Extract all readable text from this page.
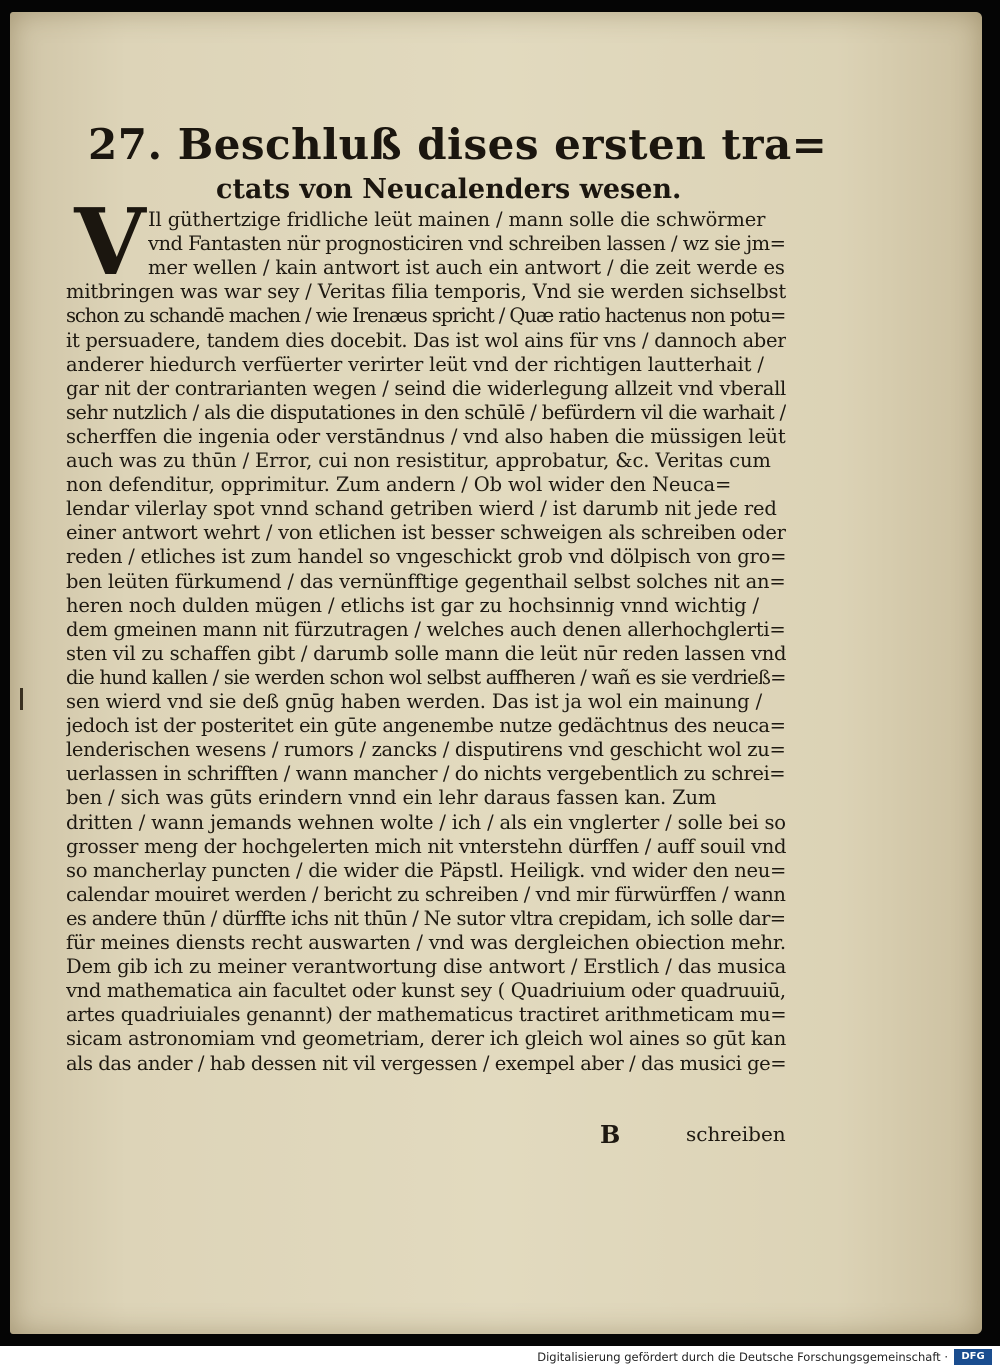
27. Beschluß dises ersten tra=
ctats von Neucalenders wesen.
V Il güthertzige fridliche leüt mainen / mann solle die schwörmer
vnd Fantasten nür prognosticiren vnd schreiben lassen / wz sie jm=
mer wellen / kain antwort ist auch ein antwort / die zeit werde es
mitbringen was war sey / Veritas filia temporis, Vnd sie werden sichselbst
schon zu schandē machen / wie Irenæus spricht / Quæ ratio hactenus non potu=
it persuadere, tandem dies docebit. Das ist wol ains für vns / dannoch aber
anderer hiedurch verfüerter verirter leüt vnd der richtigen lautterhait /
gar nit der contrarianten wegen / seind die widerlegung allzeit vnd vberall
sehr nutzlich / als die disputationes in den schūlē / befürdern vil die warhait /
scherffen die ingenia oder verstāndnus / vnd also haben die müssigen leüt
auch was zu thūn / Error, cui non resistitur, approbatur, &c. Veritas cum
non defenditur, opprimitur. Zum andern / Ob wol wider den Neuca=
lendar vilerlay spot vnnd schand getriben wierd / ist darumb nit jede red
einer antwort wehrt / von etlichen ist besser schweigen als schreiben oder
reden / etliches ist zum handel so vngeschickt grob vnd dölpisch von gro=
ben leüten fürkumend / das vernünfftige gegenthail selbst solches nit an=
heren noch dulden mügen / etlichs ist gar zu hochsinnig vnnd wichtig /
dem gmeinen mann nit fürzutragen / welches auch denen allerhochglerti=
sten vil zu schaffen gibt / darumb solle mann die leüt nūr reden lassen vnd
die hund kallen / sie werden schon wol selbst auffheren / wañ es sie verdrieß=
sen wierd vnd sie deß gnūg haben werden. Das ist ja wol ein mainung /
jedoch ist der posteritet ein gūte angenembe nutze gedächtnus des neuca=
lenderischen wesens / rumors / zancks / disputirens vnd geschicht wol zu=
uerlassen in schrifften / wann mancher / do nichts vergebentlich zu schrei=
ben / sich was gūts erindern vnnd ein lehr daraus fassen kan. Zum
dritten / wann jemands wehnen wolte / ich / als ein vnglerter / solle bei so
grosser meng der hochgelerten mich nit vnterstehn dürffen / auff souil vnd
so mancherlay puncten / die wider die Päpstl. Heiligk. vnd wider den neu=
calendar mouiret werden / bericht zu schreiben / vnd mir fürwürffen / wann
es andere thūn / dürffte ichs nit thūn / Ne sutor vltra crepidam, ich solle dar=
für meines diensts recht auswarten / vnd was dergleichen obiection mehr.
Dem gib ich zu meiner verantwortung dise antwort / Erstlich / das musica
vnd mathematica ain facultet oder kunst sey ( Quadriuium oder quadruuiū,
artes quadriuiales genannt) der mathematicus tractiret arithmeticam mu=
sicam astronomiam vnd geometriam, derer ich gleich wol aines so gūt kan
als das ander / hab dessen nit vil vergessen / exempel aber / das musici ge=
B	schreiben
Digitalisierung gefördert durch die Deutsche Forschungsgemeinschaft ·	DFG
